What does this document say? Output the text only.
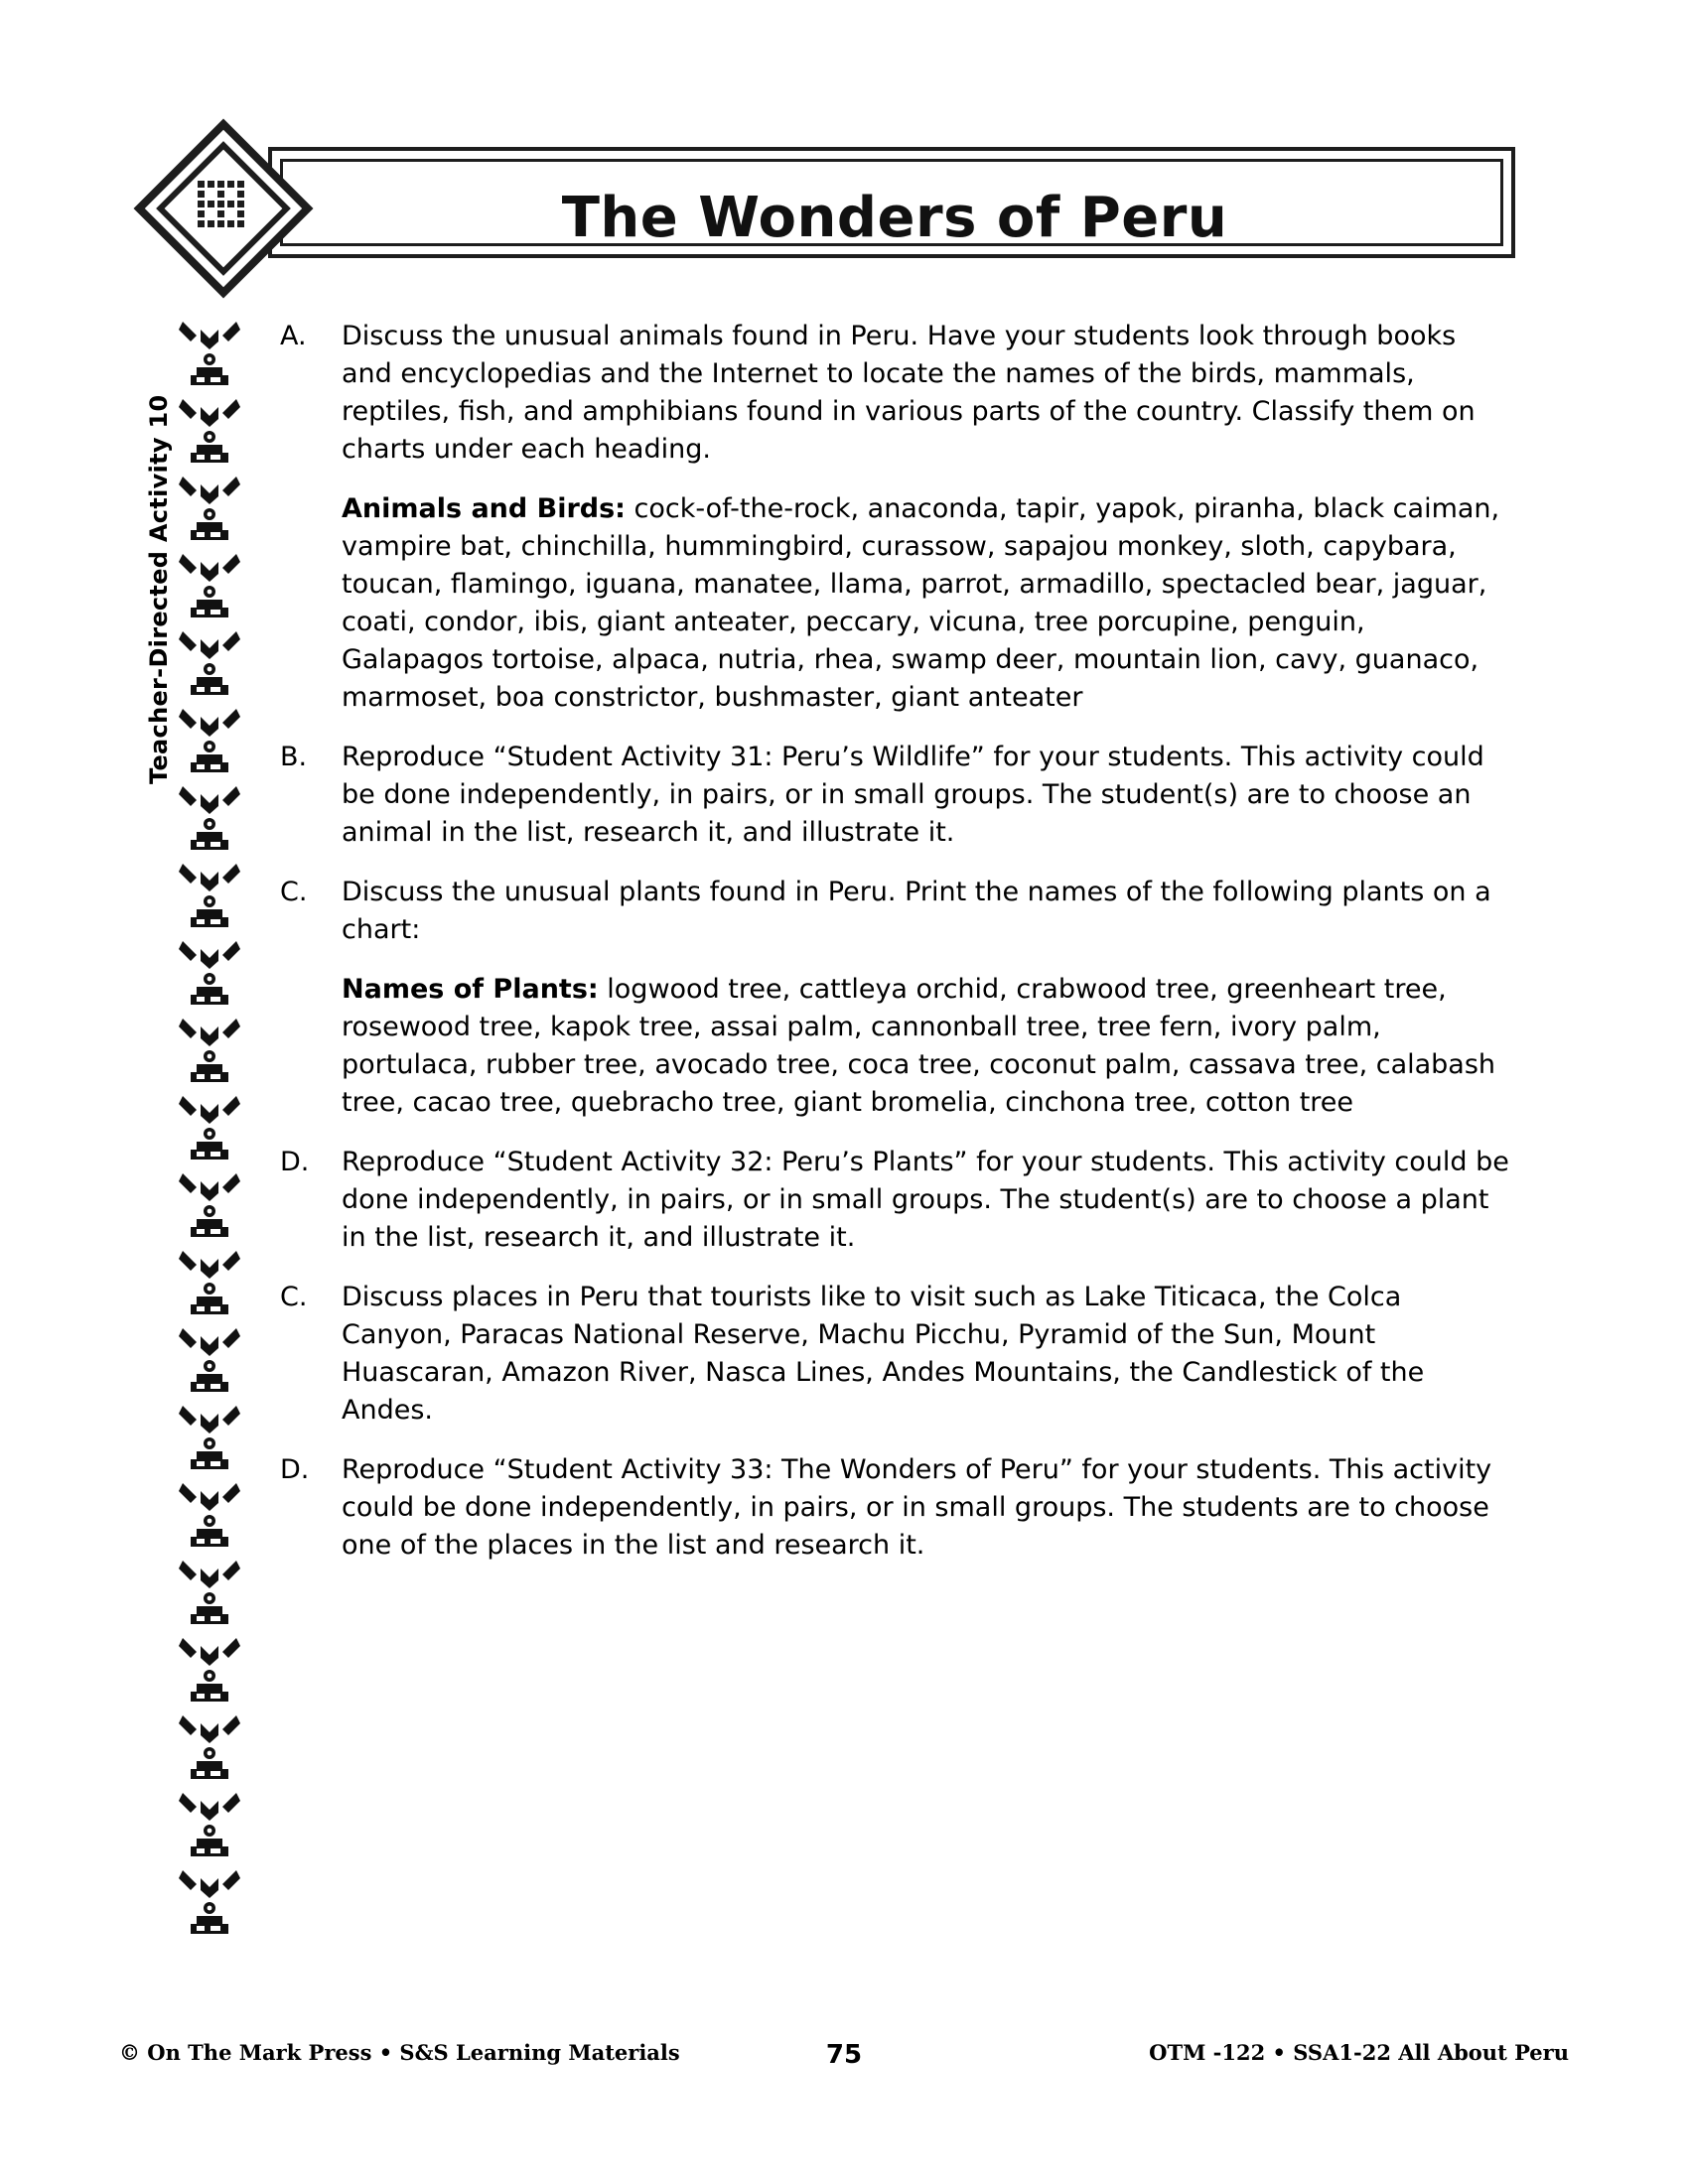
The Wonders of Peru
Teacher-Directed Activity 10
A.	Discuss the unusual animals found in Peru. Have your students look through books and encyclopedias and the Internet to locate the names of the birds, mammals, reptiles, fish, and amphibians found in various parts of the country. Classify them on charts under each heading.
Animals and Birds: cock-of-the-rock, anaconda, tapir, yapok, piranha, black caiman, vampire bat, chinchilla, hummingbird, curassow, sapajou monkey, sloth, capybara, toucan, flamingo, iguana, manatee, llama, parrot, armadillo, spectacled bear, jaguar, coati, condor, ibis, giant anteater, peccary, vicuna, tree porcupine, penguin, Galapagos tortoise, alpaca, nutria, rhea, swamp deer, mountain lion, cavy, guanaco, marmoset, boa constrictor, bushmaster, giant anteater
B.	Reproduce “Student Activity 31: Peru’s Wildlife” for your students. This activity could be done independently, in pairs, or in small groups. The student(s) are to choose an animal in the list, research it, and illustrate it.
C.	Discuss the unusual plants found in Peru. Print the names of the following plants on a chart:
Names of Plants: logwood tree, cattleya orchid, crabwood tree, greenheart tree, rosewood tree, kapok tree, assai palm, cannonball tree, tree fern, ivory palm, portulaca, rubber tree, avocado tree, coca tree, coconut palm, cassava tree, calabash tree, cacao tree, quebracho tree, giant bromelia, cinchona tree, cotton tree
D.	Reproduce “Student Activity 32: Peru’s Plants” for your students. This activity could be done independently, in pairs, or in small groups. The student(s) are to choose a plant in the list, research it, and illustrate it.
C.	Discuss places in Peru that tourists like to visit such as Lake Titicaca, the Colca Canyon, Paracas National Reserve, Machu Picchu, Pyramid of the Sun, Mount Huascaran, Amazon River, Nasca Lines, Andes Mountains, the Candlestick of the Andes.
D.	Reproduce “Student Activity 33: The Wonders of Peru” for your students. This activity could be done independently, in pairs, or in small groups. The students are to choose one of the places in the list and research it.
© On The Mark Press • S&S Learning Materials	75	OTM -122 • SSA1-22 All About Peru
